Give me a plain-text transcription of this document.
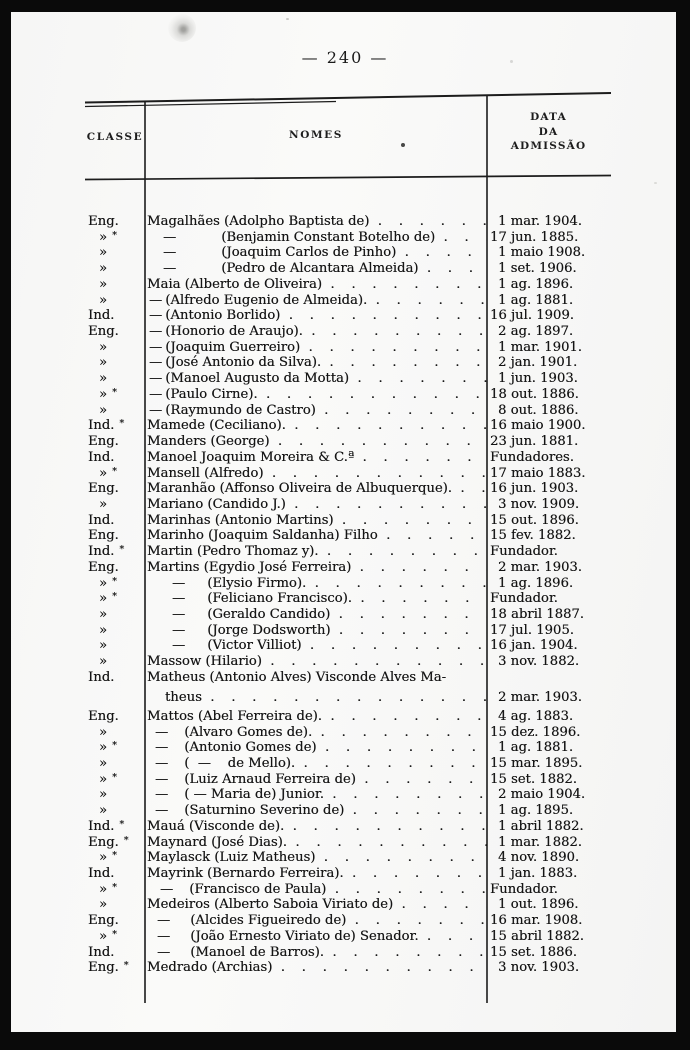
— 240 —
CLASSE	NOMES
DATA
DA
ADMISSÃO
Eng. Magalhães (Adolpho Baptista de) .	1 mar. 1904.
» *	—	(Benjamin Constant Botelho de) .	17 jun. 1885.
»	—	(Joaquim Carlos de Pinho) .	1 maio 1908.
»	—	(Pedro de Alcantara Almeida) .	1 set. 1906.
»	Maia (Alberto de Oliveira) .	1 ag. 1896.
»	— (Alfredo Eugenio de Almeida). .	1 ag. 1881.
Ind.	— (Antonio Borlido) .	16 jul. 1909.
Eng. — (Honorio de Araujo). .	2 ag. 1897.
»	— (Joaquim Guerreiro) .	1 mar. 1901.
»	— (José Antonio da Silva). .	2 jan. 1901.
»	— (Manoel Augusto da Motta) .	1 jun. 1903.
» * — (Paulo Cirne). .	18 out. 1886.
»	— (Raymundo de Castro) .	8 out. 1886.
Ind. * Mamede (Ceciliano). .	16 maio 1900.
Eng. Manders (George) .	23 jun. 1881.
Ind. Manoel Joaquim Moreira & C.ª .	Fundadores.
» * Mansell (Alfredo) .	17 maio 1883.
Eng. Maranhão (Affonso Oliveira de Albuquerque). .	16 jun. 1903.
»	Mariano (Candido J.) .	3 nov. 1909.
Ind. Marinhas (Antonio Martins) .	15 out. 1896.
Eng. Marinho (Joaquim Saldanha) Filho .	15 fev. 1882.
Ind. * Martin (Pedro Thomaz y). .	Fundador.
Eng. Martins (Egydio José Ferreira) .	2 mar. 1903.
» *	— (Elysio Firmo). .	1 ag. 1896.
» *	— (Feliciano Francisco). .	Fundador.
»	— (Geraldo Candido) .	18 abril 1887.
»	— (Jorge Dodsworth) .	17 jul. 1905.
»	— (Victor Villiot) .	16 jan. 1904.
»	Massow (Hilario) .	3 nov. 1882.
Ind. Matheus (Antonio Alves) Visconde Alves Ma-
theus .	2 mar. 1903.
Eng. Mattos (Abel Ferreira de). .	4 ag. 1883.
»	— (Alvaro Gomes de). .	15 dez. 1896.
» *	— (Antonio Gomes de) .	1 ag. 1881.
»	— (  —    de Mello). .	15 mar. 1895.
» *	— (Luiz Arnaud Ferreira de) .	15 set. 1882.
»	— ( — Maria de) Junior. .	2 maio 1904.
»	— (Saturnino Severino de) .	1 ag. 1895.
Ind. * Mauá (Visconde de). .	1 abril 1882.
Eng. * Maynard (José Dias). .	1 mar. 1882.
» * Maylasck (Luiz Matheus) .	4 nov. 1890.
Ind. Mayrink (Bernardo Ferreira). .	1 jan. 1883.
» *	— (Francisco de Paula) .	Fundador.
»	Medeiros (Alberto Saboia Viriato de) .	1 out. 1896.
Eng.	— (Alcides Figueiredo de) .	16 mar. 1908.
» *	— (João Ernesto Viriato de) Senador. .	15 abril 1882.
Ind.	— (Manoel de Barros). .	15 set. 1886.
Eng. * Medrado (Archias) .	3 nov. 1903.
